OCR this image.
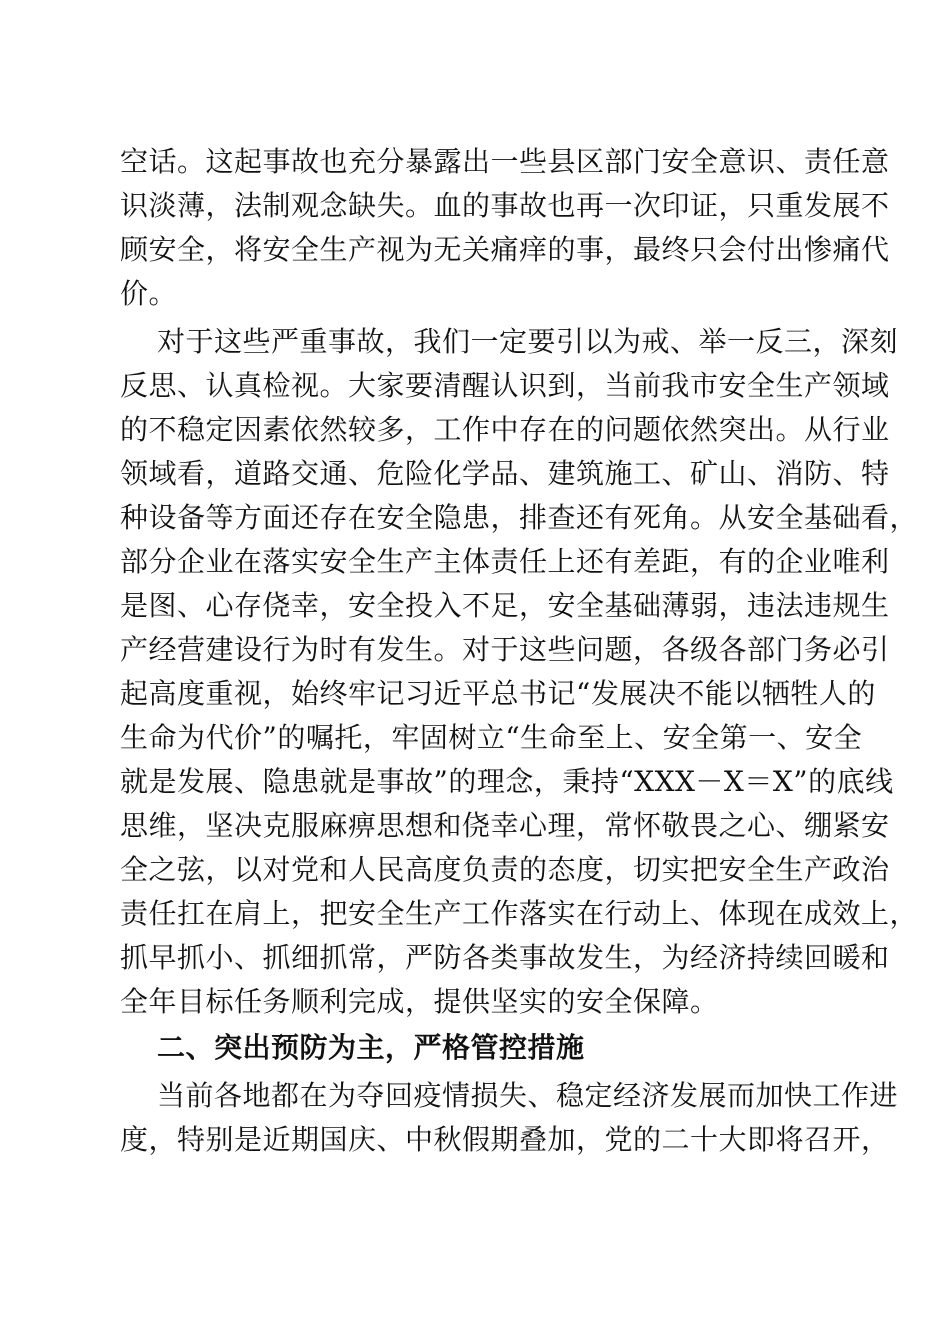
空话。这起事故也充分暴露出一些县区部门安全意识、责任意
识淡薄，法制观念缺失。血的事故也再一次印证，只重发展不
顾安全，将安全生产视为无关痛痒的事，最终只会付出惨痛代
价。
对于这些严重事故，我们一定要引以为戒、举一反三，深刻
反思、认真检视。大家要清醒认识到，当前我市安全生产领域
的不稳定因素依然较多，工作中存在的问题依然突出。从行业
领域看，道路交通、危险化学品、建筑施工、矿山、消防、特
种设备等方面还存在安全隐患，排查还有死角。从安全基础看，
部分企业在落实安全生产主体责任上还有差距，有的企业唯利
是图、心存侥幸，安全投入不足，安全基础薄弱，违法违规生
产经营建设行为时有发生。对于这些问题，各级各部门务必引
起高度重视，始终牢记习近平总书记“发展决不能以牺牲人的
生命为代价”的嘱托，牢固树立“生命至上、安全第一、安全
就是发展、隐患就是事故”的理念，秉持“XXX－X＝X”的底线
思维，坚决克服麻痹思想和侥幸心理，常怀敬畏之心、绷紧安
全之弦，以对党和人民高度负责的态度，切实把安全生产政治
责任扛在肩上，把安全生产工作落实在行动上、体现在成效上，
抓早抓小、抓细抓常，严防各类事故发生，为经济持续回暖和
全年目标任务顺利完成，提供坚实的安全保障。
二、突出预防为主，严格管控措施
当前各地都在为夺回疫情损失、稳定经济发展而加快工作进
度，特别是近期国庆、中秋假期叠加，党的二十大即将召开，
